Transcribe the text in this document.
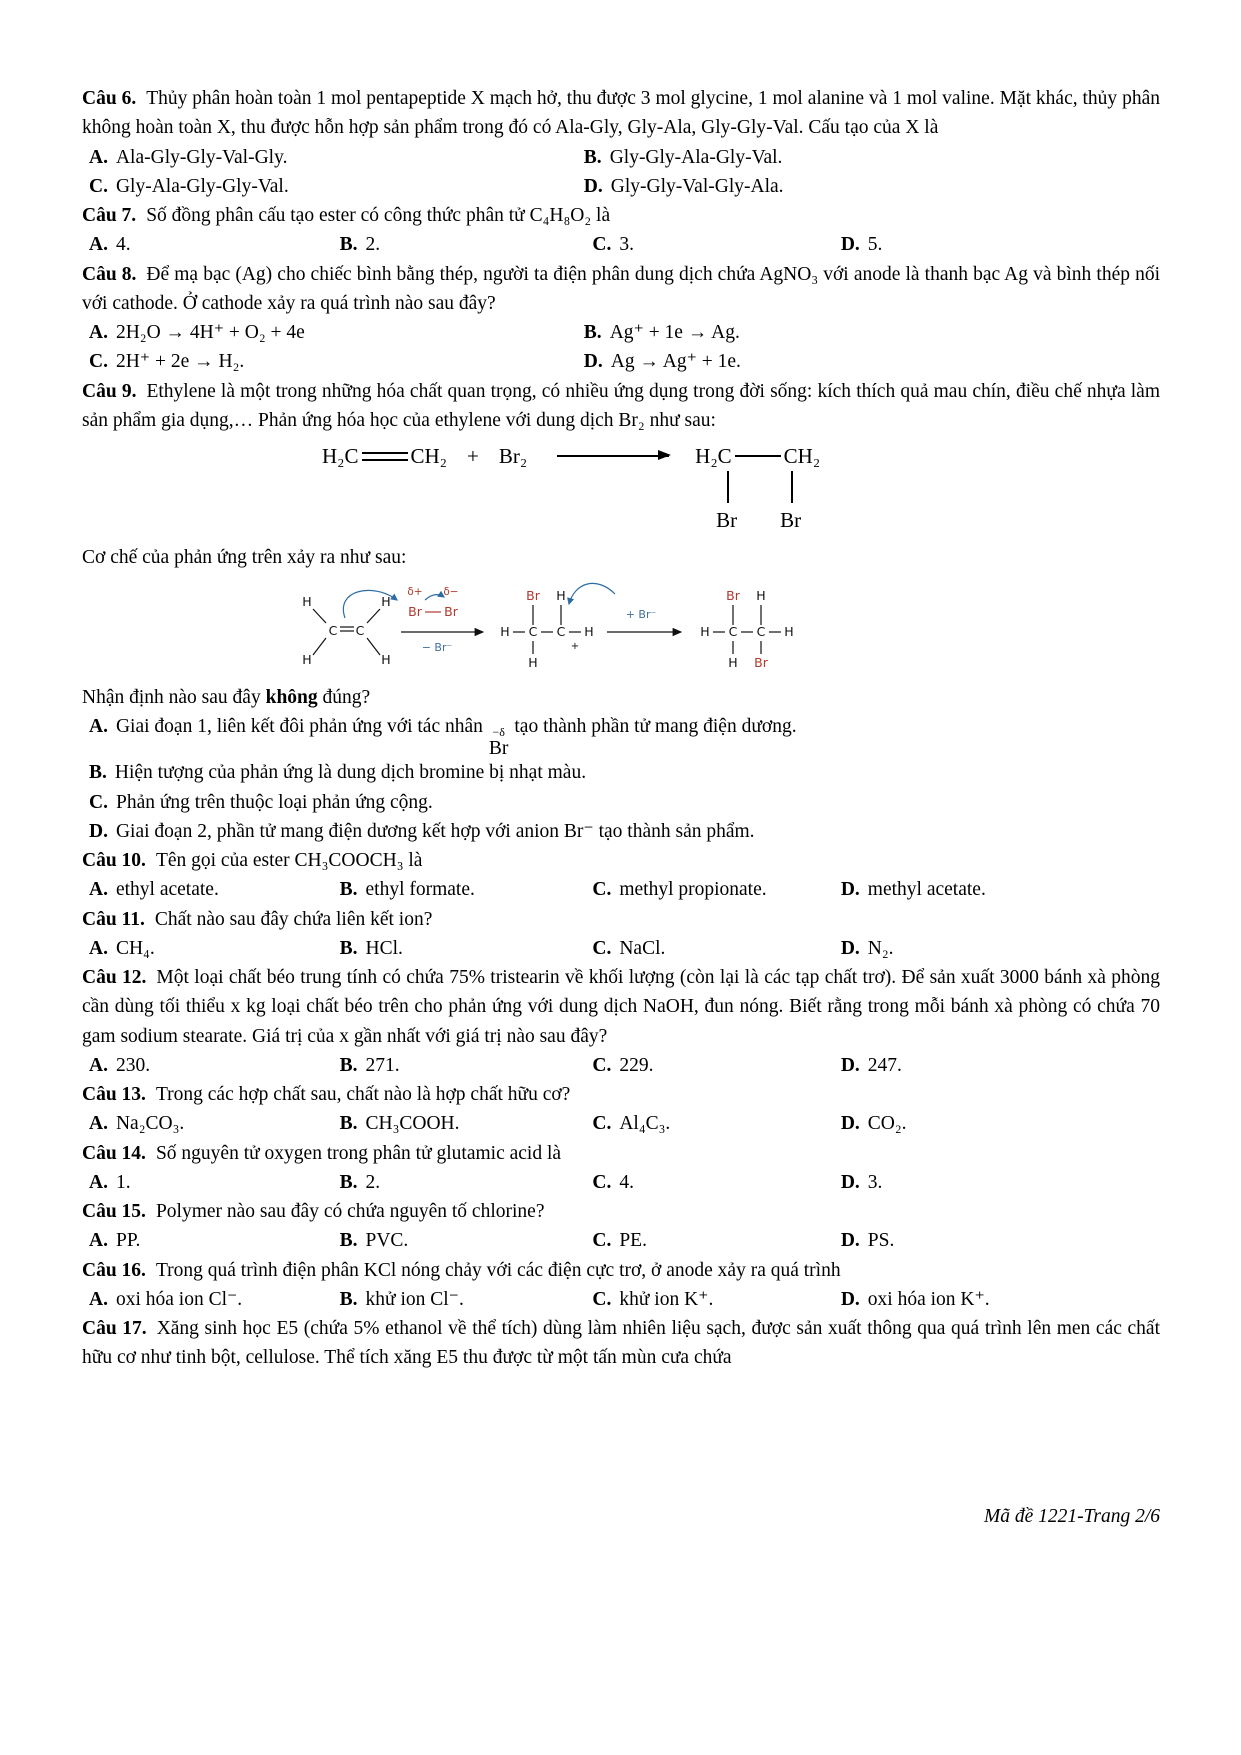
Câu 6. Thủy phân hoàn toàn 1 mol pentapeptide X mạch hở, thu được 3 mol glycine, 1 mol alanine và 1 mol valine. Mặt khác, thủy phân không hoàn toàn X, thu được hỗn hợp sản phẩm trong đó có Ala-Gly, Gly-Ala, Gly-Gly-Val. Cấu tạo của X là

A. Ala-Gly-Gly-Val-Gly.	B. Gly-Gly-Ala-Gly-Val.
C. Gly-Ala-Gly-Gly-Val.	D. Gly-Gly-Val-Gly-Ala.

Câu 7. Số đồng phân cấu tạo ester có công thức phân tử C₄H₈O₂ là

A. 4.	B. 2.	C. 3.	D. 5.

Câu 8. Để mạ bạc (Ag) cho chiếc bình bằng thép, người ta điện phân dung dịch chứa AgNO₃ với anode là thanh bạc Ag và bình thép nối với cathode. Ở cathode xảy ra quá trình nào sau đây?

A. 2H₂O → 4H⁺ + O₂ + 4e	B. Ag⁺ + 1e → Ag.
C. 2H⁺ + 2e → H₂.	D. Ag → Ag⁺ + 1e.

Câu 9. Ethylene là một trong những hóa chất quan trọng, có nhiều ứng dụng trong đời sống: kích thích quả mau chín, điều chế nhựa làm sản phẩm gia dụng,… Phản ứng hóa học của ethylene với dung dịch Br₂ như sau:

H₂C CH₂ + Br₂	H₂C CH₂
Br Br

Cơ chế của phản ứng trên xảy ra như sau:

H
H
C C
H
H
δ+ δ−
Br Br
− Br⁻
H C C H
Br H
H
+
+ Br⁻
H C C H
Br H
H Br

Nhận định nào sau đây không đúng?

A. Giai đoạn 1, liên kết đôi phản ứng với tác nhân −δ
Br
tạo thành phần tử mang điện dương.
B. Hiện tượng của phản ứng là dung dịch bromine bị nhạt màu.
C. Phản ứng trên thuộc loại phản ứng cộng.
D. Giai đoạn 2, phần tử mang điện dương kết hợp với anion Br⁻ tạo thành sản phẩm.

Câu 10. Tên gọi của ester CH₃COOCH₃ là

A. ethyl acetate.	B. ethyl formate.	C. methyl propionate.	D. methyl acetate.

Câu 11. Chất nào sau đây chứa liên kết ion?

A. CH₄.	B. HCl.	C. NaCl.	D. N₂.

Câu 12. Một loại chất béo trung tính có chứa 75% tristearin về khối lượng (còn lại là các tạp chất trơ). Để sản xuất 3000 bánh xà phòng cần dùng tối thiểu x kg loại chất béo trên cho phản ứng với dung dịch NaOH, đun nóng. Biết rằng trong mỗi bánh xà phòng có chứa 70 gam sodium stearate. Giá trị của x gần nhất với giá trị nào sau đây?

A. 230.	B. 271.	C. 229.	D. 247.

Câu 13. Trong các hợp chất sau, chất nào là hợp chất hữu cơ?

A. Na₂CO₃.	B. CH₃COOH.	C. Al₄C₃.	D. CO₂.

Câu 14. Số nguyên tử oxygen trong phân tử glutamic acid là

A. 1.	B. 2.	C. 4.	D. 3.

Câu 15. Polymer nào sau đây có chứa nguyên tố chlorine?

A. PP.	B. PVC.	C. PE.	D. PS.

Câu 16. Trong quá trình điện phân KCl nóng chảy với các điện cực trơ, ở anode xảy ra quá trình

A. oxi hóa ion Cl⁻.	B. khử ion Cl⁻.	C. khử ion K⁺.	D. oxi hóa ion K⁺.

Câu 17. Xăng sinh học E5 (chứa 5% ethanol về thể tích) dùng làm nhiên liệu sạch, được sản xuất thông qua quá trình lên men các chất hữu cơ như tinh bột, cellulose. Thể tích xăng E5 thu được từ một tấn mùn cưa chứa

Mã đề 1221-Trang 2/6
